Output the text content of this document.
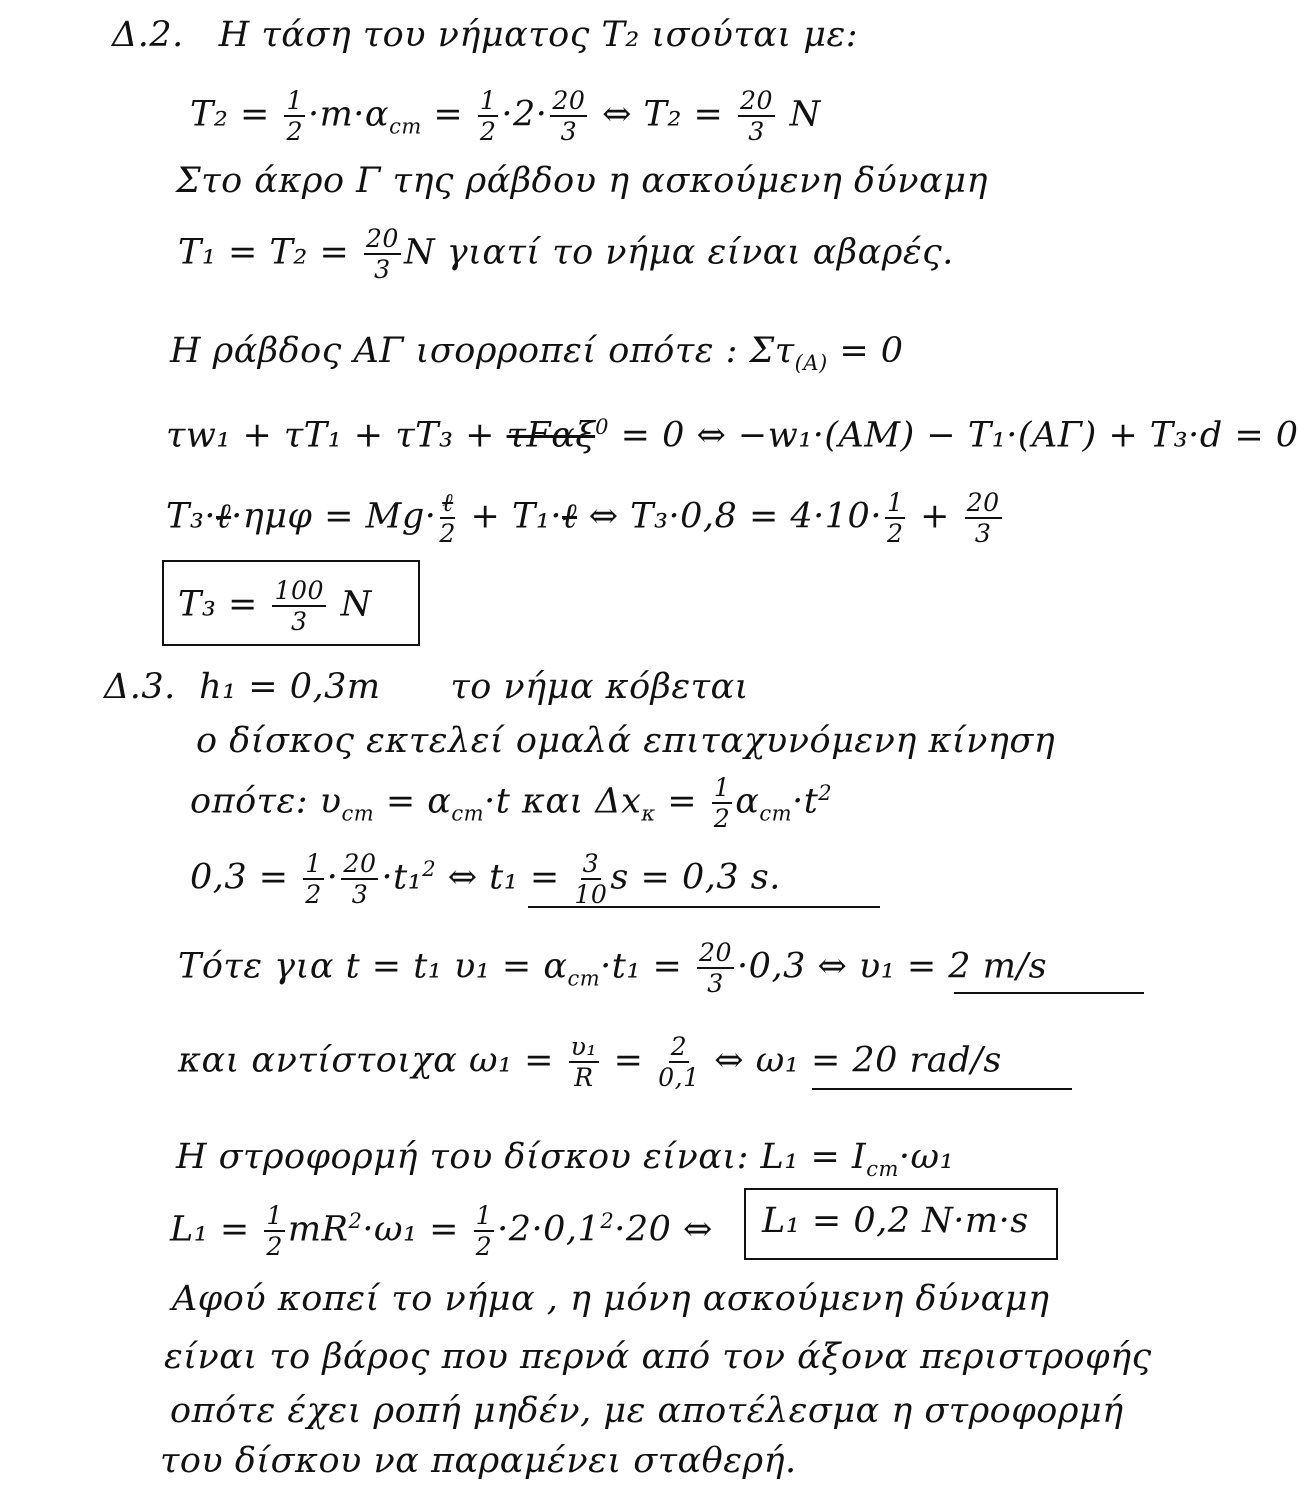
Δ.2. Η τάση του νήματος T₂ ισούται με:
$T_2 = \frac{1}{2} \cdot m\cdot\alpha_{cm} = \frac{1}{2} \cdot 2\cdot \frac{20}{3}$ ⇔ $T_2 = \frac{20}{3}$ N
Στο άκρο Γ της ράβδου η ασκούμενη δύναμη
$T_1 = T_2 = \frac{20}{3}$ N γιατί το νήμα είναι αβαρές.
Η ράβδος ΑΓ ισορροπεί οπότε : $\Sigma\tau_{(A)} = 0$
τw₁ + τT₁ + τT₃ + τFαξ$^0$ = 0 ⇔ −w₁·(ΑΜ) − T₁·(ΑΓ) + T₃·d = 0
T₃·ℓ·ημφ = $Mg\cdot \frac{\text{ℓ}}{2}$ + T₁·ℓ ⇔ $T_3\cdot 0,8 = 4\cdot 10\cdot \frac{1}{2} + \frac{20}{3}$
$T_3 = \frac{100}{3}$ N
Δ.3. h₁ = 0,3m το νήμα κόβεται
ο δίσκος εκτελεί ομαλά επιταχυνόμενη κίνηση
οπότε: $\upsilon_{cm} = \alpha_{cm}\cdot t$ και $\Delta x_\kappa = \frac{1}{2} \alpha_{cm}\cdot t^2$
$0,3 = \frac{1}{2} \cdot \frac{20}{3} \cdot t_1^2$ ⇔ $t_1 = \frac{3}{10}$ s = 0,3 s.
Τότε για t = t₁ $\upsilon_1 = \alpha_{cm}\cdot t_1 = \frac{20}{3} \cdot 0,3$ ⇔ υ₁ = 2 m/s
και αντίστοιχα $\omega_1 = \frac{\text{υ₁}}{R} = \frac{2}{0,1}$ ⇔ ω₁ = 20 rad/s
Η στροφορμή του δίσκου είναι: $L_1 = I_{cm}\cdot\omega_1$
$L_1 = \frac{1}{2} mR^2\cdot\omega_1 = \frac{1}{2} \cdot 2\cdot 0,1^2\cdot 20$ ⇔ L₁ = 0,2 N·m·s
Αφού κοπεί το νήμα , η μόνη ασκούμενη δύναμη
είναι το βάρος που περνά από τον άξονα περιστροφής
οπότε έχει ροπή μηδέν, με αποτέλεσμα η στροφορμή
του δίσκου να παραμένει σταθερή.
